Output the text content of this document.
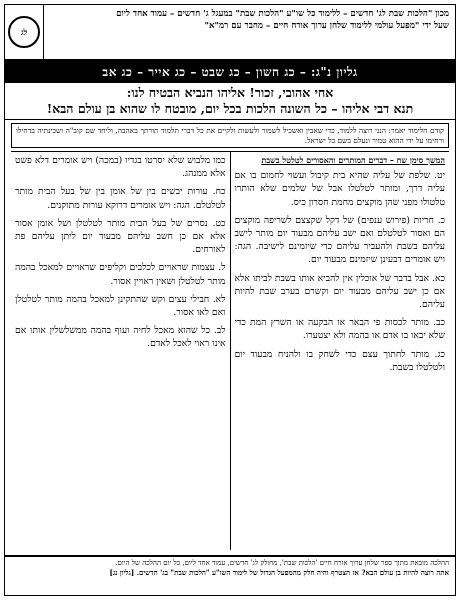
מכון "הלכות שבת לג' חדשים – ללימוד כל שו"ע "הלכות שבת" במעגל ג' חדשים – עמוד אחד ליום
שעל ידי "מפעל עולמי ללימוד שלחן ערוך אורח חיים – מחבר עם רמ"א"
לג
גליון נ"ג: – כג חשון – כג שבט – כג אייר – כג אב
אחי אהובי, זכור! אליהו הנביא הבטיח לנו:
תנא דבי אליהו – כל השונה הלכות בכל יום, מובטח לו שהוא בן עולם הבא!
קודם הלימוד יאמר: הנני רוצה ללמוד, כדי שאבין ואשכיל לשמור ולעשות ולקיים את כל דברי תלמוד תורתך באהבה, וליחד שם קוב"ה ושכינתיה בדחילו ורחימו על ידי ההוא טמיר ונעלם בשם כל ישראל.
המשך סימן שח – דברים המותרים והאסורים לטלטל בשבת
יט. שלפת של עליה שהיא בית קיבול ועשוי לחמום בו אם עליה דרך, ומותר לטלטלו אבל של שלמים שלא הותרו טלטולו מפני שהן מוקצים מחמת חסרון כיס.
כ. חריות (פירוש ענפים) של דקל שקצצם לשריפה מוקצים הם ואסור לטלטלם ואם ישב עליהם מבעוד יום מותר לישב עליהם בשבת ולהעביר עליהם כדי שיזמינם לישיבה. הגה: ויש אומרים דבעינן שיזמינם מבעוד יום.
כא. אבל בדבר של אוכלין אין להביא אותו בשבת לביתו אלא אם כן ישב עליהם מבעוד יום וקשרם בערב שבת להיות עליהם.
כב. מותר לכסות פי הבאר או הבקעה או השרץ המת כדי שלא יבאו בו אדם או בהמה ולא יצטערו.
כג. מותר לחתוך עצם כדי לשחק בו ולהניח מבעוד יום ולטלטלו בשבת.
כמו מלבוש שלא יסרטו בגדיו (במכה) ויש אומרים דלא פשט אלא ממנהג.
כח. עורות יבשים בין של אומן בין של בעל הבית מותר לטלטלם. הגה: ויש אומרים דרוקא עורות מתוקנים.
כט. נסרים של בעל הבית מותר לטלטלן ושל אומן אסור אלא אם כן חשב עליהם מבעוד יום ליתן עליהם פת לאורחים.
ל. עצמות שראויים לכלבים וקליפים שראויים למאכל בהמה מותר לטלטלן ושאין ראויין אסור.
לא. חבילי עצים וקש שהתקינן למאכל בהמה מותר לטלטלן ואם לאו אסור.
לב. כל שהוא מאכל לחיה ועוף בהמה ממשלשלין אותו אם אינו ראוי לאכל לאדם.
ההלכה מובאת מתוך ספר שלחן ערוך אורח חיים 'הלכות שבת', מחולק לג' חדשים, עמוד אחד ליום, כל יום ההלכה של היום.
אתה רוצה להיות בן עולם הבא? אז הצטרף והיה חלק מהמפעל הגדול של לימוד השו"ע "הלכות שבת" בג' חדשים. [גליון נג]
